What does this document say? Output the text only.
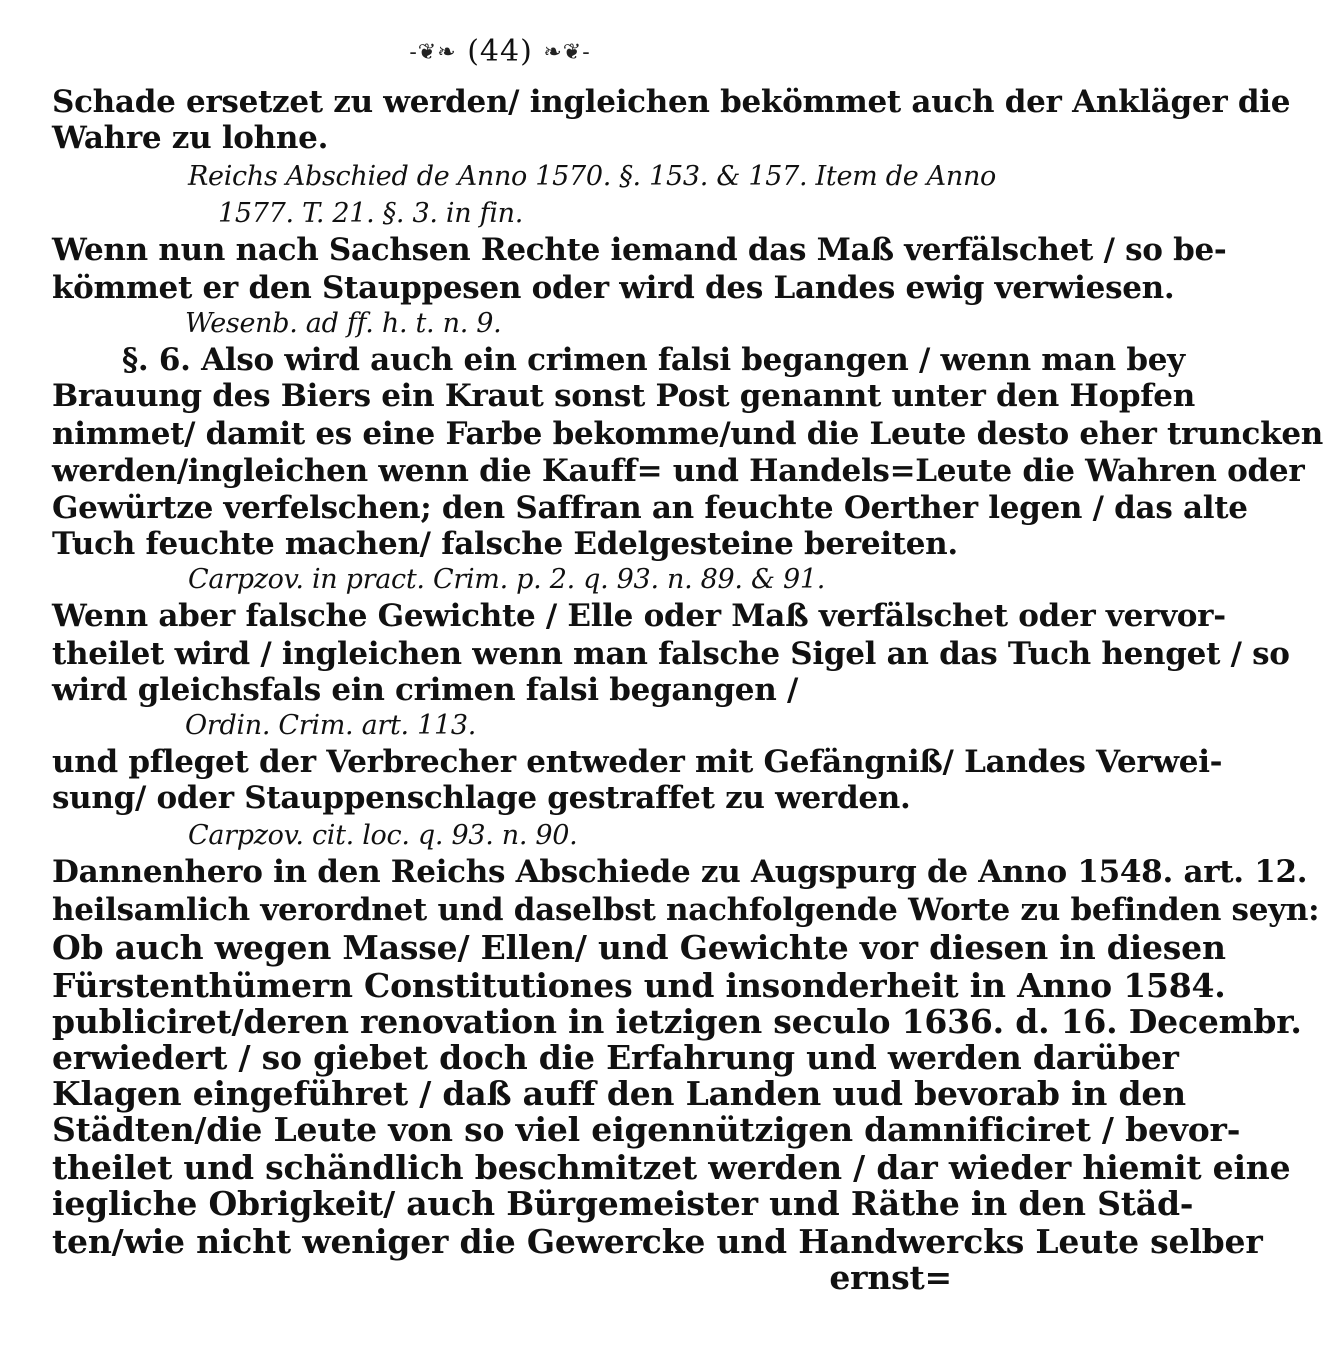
-❦❧ (44) ❧❦-
Schade ersetzet zu werden/ ingleichen bekömmet auch der Ankläger die
Wahre zu lohne.
Reichs Abschied de Anno 1570. §. 153. & 157. Item de Anno
1577. T. 21. §. 3. in fin.
Wenn nun nach Sachsen Rechte iemand das Maß verfälschet / so be-
kömmet er den Stauppesen oder wird des Landes ewig verwiesen.
Wesenb. ad ff. h. t. n. 9.
§. 6. Also wird auch ein crimen falsi begangen / wenn man bey
Brauung des Biers ein Kraut sonst Post genannt unter den Hopfen
nimmet/ damit es eine Farbe bekomme/und die Leute desto eher truncken
werden/ingleichen wenn die Kauff= und Handels=Leute die Wahren oder
Gewürtze verfelschen; den Saffran an feuchte Oerther legen / das alte
Tuch feuchte machen/ falsche Edelgesteine bereiten.
Carpzov. in pract. Crim. p. 2. q. 93. n. 89. & 91.
Wenn aber falsche Gewichte / Elle oder Maß verfälschet oder vervor-
theilet wird / ingleichen wenn man falsche Sigel an das Tuch henget / so
wird gleichsfals ein crimen falsi begangen /
Ordin. Crim. art. 113.
und pfleget der Verbrecher entweder mit Gefängniß/ Landes Verwei-
sung/ oder Stauppenschlage gestraffet zu werden.
Carpzov. cit. loc. q. 93. n. 90.
Dannenhero in den Reichs Abschiede zu Augspurg de Anno 1548. art. 12.
heilsamlich verordnet und daselbst nachfolgende Worte zu befinden seyn:
Ob auch wegen Masse/ Ellen/ und Gewichte vor diesen in diesen
Fürstenthümern Constitutiones und insonderheit in Anno 1584.
publiciret/deren renovation in ietzigen seculo 1636. d. 16. Decembr.
erwiedert / so giebet doch die Erfahrung und werden darüber
Klagen eingeführet / daß auff den Landen uud bevorab in den
Städten/die Leute von so viel eigennützigen damnificiret / bevor-
theilet und schändlich beschmitzet werden / dar wieder hiemit eine
iegliche Obrigkeit/ auch Bürgemeister und Räthe in den Städ-
ten/wie nicht weniger die Gewercke und Handwercks Leute selber
ernst=
